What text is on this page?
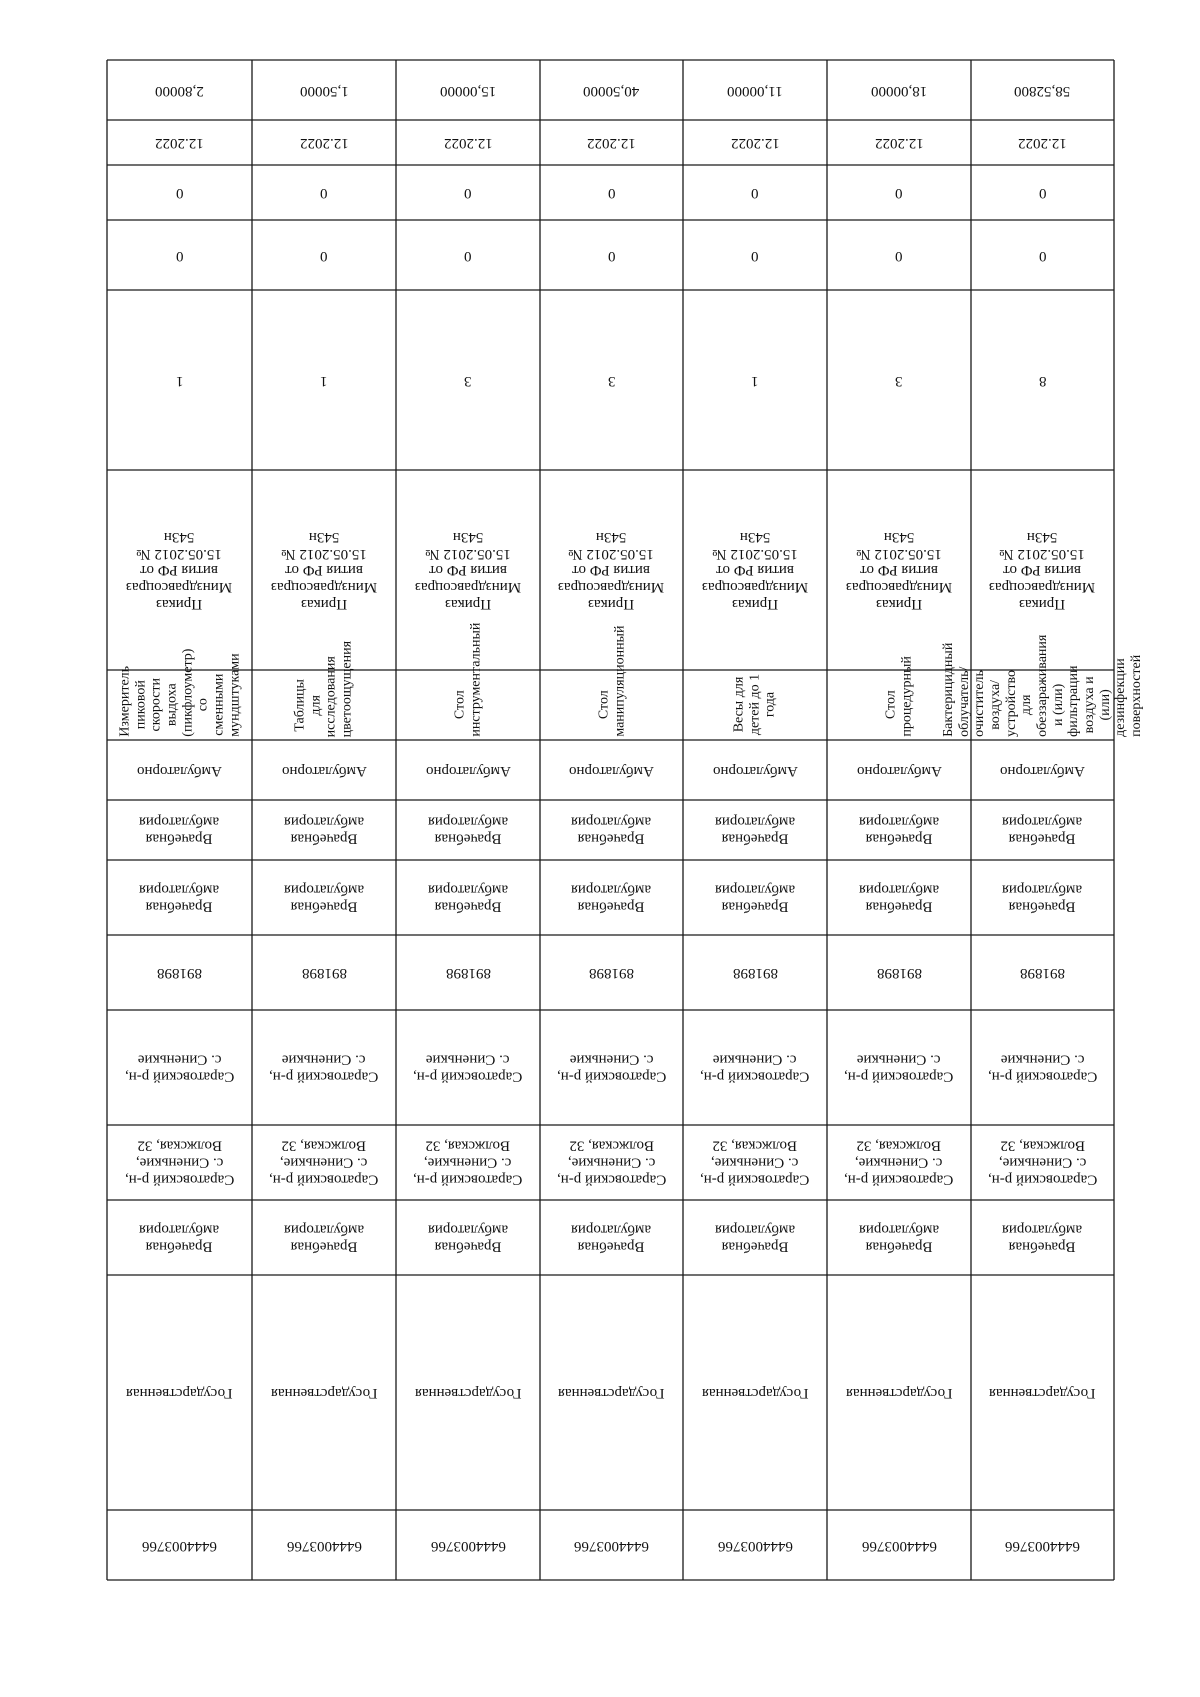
2,80000
12.2022
0
0
1
Приказ
Минздравсоцраз
вития РФ от
15.05.2012 №
543н
Измеритель пиковой
скорости выдоха
(пикфлоуметр) со
сменными мундштуками
Амбулаторно
Врачебная
амбулатория
Врачебная
амбулатория
891898
Саратовский р-н,
с. Синенькие
Саратовский р-н,
с. Синенькие,
Волжская, 32
Врачебная
амбулатория
Государственная
6444003766
1,50000
12.2022
0
0
1
Приказ
Минздравсоцраз
вития РФ от
15.05.2012 №
543н
Таблицы для исследования
цветоощущения
Амбулаторно
Врачебная
амбулатория
Врачебная
амбулатория
891898
Саратовский р-н,
с. Синенькие
Саратовский р-н,
с. Синенькие,
Волжская, 32
Врачебная
амбулатория
Государственная
6444003766
15,00000
12.2022
0
0
3
Приказ
Минздравсоцраз
вития РФ от
15.05.2012 №
543н
Стол инструментальный
Амбулаторно
Врачебная
амбулатория
Врачебная
амбулатория
891898
Саратовский р-н,
с. Синенькие
Саратовский р-н,
с. Синенькие,
Волжская, 32
Врачебная
амбулатория
Государственная
6444003766
40,50000
12.2022
0
0
3
Приказ
Минздравсоцраз
вития РФ от
15.05.2012 №
543н
Стол манипуляционный
Амбулаторно
Врачебная
амбулатория
Врачебная
амбулатория
891898
Саратовский р-н,
с. Синенькие
Саратовский р-н,
с. Синенькие,
Волжская, 32
Врачебная
амбулатория
Государственная
6444003766
11,00000
12.2022
0
0
1
Приказ
Минздравсоцраз
вития РФ от
15.05.2012 №
543н
Весы для детей до 1 года
Амбулаторно
Врачебная
амбулатория
Врачебная
амбулатория
891898
Саратовский р-н,
с. Синенькие
Саратовский р-н,
с. Синенькие,
Волжская, 32
Врачебная
амбулатория
Государственная
6444003766
18,00000
12.2022
0
0
3
Приказ
Минздравсоцраз
вития РФ от
15.05.2012 №
543н
Стол процедурный
Амбулаторно
Врачебная
амбулатория
Врачебная
амбулатория
891898
Саратовский р-н,
с. Синенькие
Саратовский р-н,
с. Синенькие,
Волжская, 32
Врачебная
амбулатория
Государственная
6444003766
58,52800
12.2022
0
0
8
Приказ
Минздравсоцраз
вития РФ от
15.05.2012 №
543н
Бактерицидный
облучатель/очиститель
воздуха/устройство для
обеззараживания и (или)
фильтрации воздуха и
(или) дезинфекции
поверхностей
Амбулаторно
Врачебная
амбулатория
Врачебная
амбулатория
891898
Саратовский р-н,
с. Синенькие
Саратовский р-н,
с. Синенькие,
Волжская, 32
Врачебная
амбулатория
Государственная
6444003766
